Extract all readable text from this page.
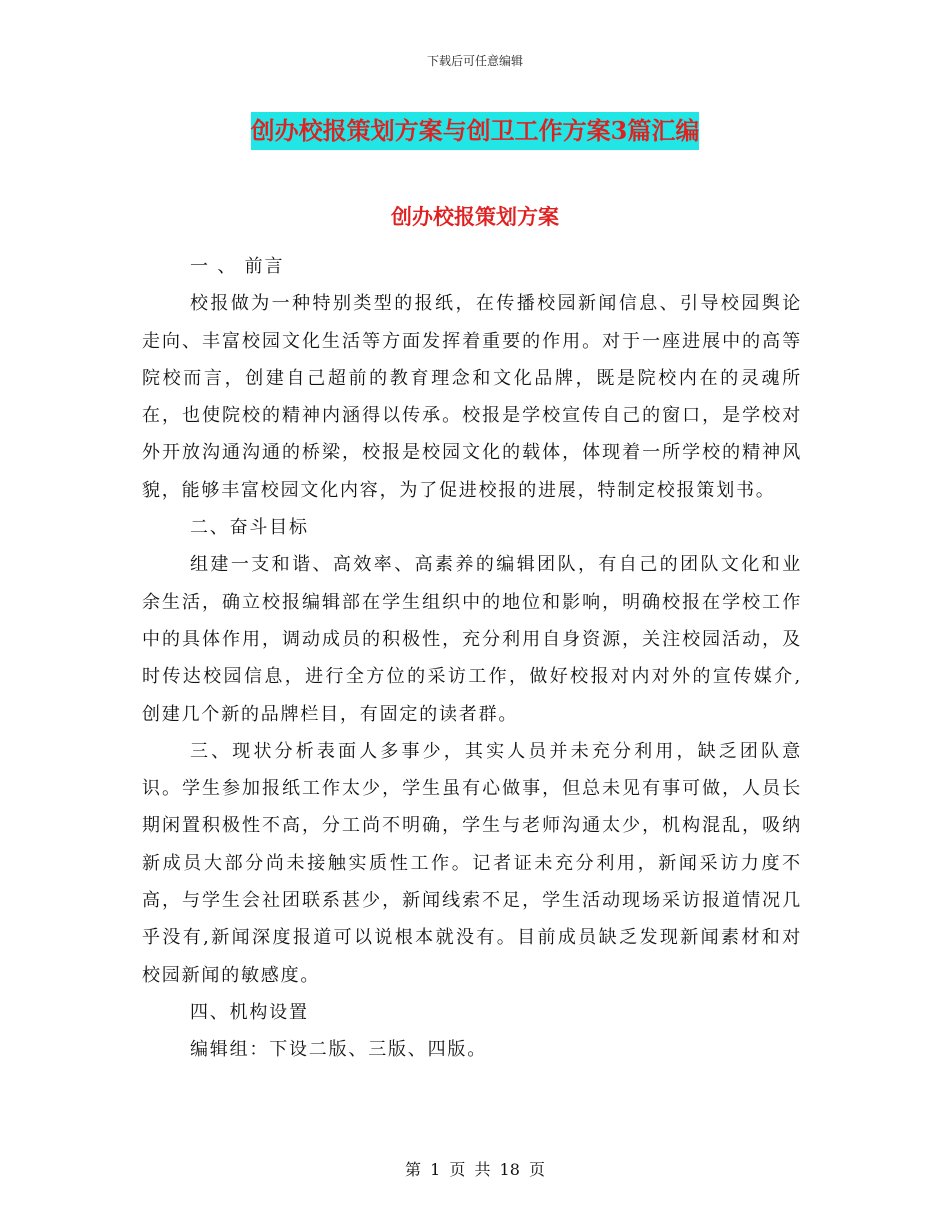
下载后可任意编辑
创办校报策划方案与创卫工作方案3篇汇编
创办校报策划方案

一 、 前言

校报做为一种特别类型的报纸，在传播校园新闻信息、引导校园舆论走向、丰富校园文化生活等方面发挥着重要的作用。对于一座进展中的高等院校而言，创建自己超前的教育理念和文化品牌，既是院校内在的灵魂所在，也使院校的精神内涵得以传承。校报是学校宣传自己的窗口，是学校对外开放沟通沟通的桥梁，校报是校园文化的载体，体现着一所学校的精神风貌，能够丰富校园文化内容，为了促进校报的进展，特制定校报策划书。

二、奋斗目标

组建一支和谐、高效率、高素养的编辑团队，有自己的团队文化和业余生活，确立校报编辑部在学生组织中的地位和影响，明确校报在学校工作中的具体作用，调动成员的积极性，充分利用自身资源，关注校园活动，及时传达校园信息，进行全方位的采访工作，做好校报对内对外的宣传媒介,创建几个新的品牌栏目，有固定的读者群。

三、现状分析表面人多事少，其实人员并未充分利用，缺乏团队意识。学生参加报纸工作太少，学生虽有心做事，但总未见有事可做，人员长期闲置积极性不高，分工尚不明确，学生与老师沟通太少，机构混乱，吸纳新成员大部分尚未接触实质性工作。记者证未充分利用，新闻采访力度不高，与学生会社团联系甚少，新闻线索不足，学生活动现场采访报道情况几乎没有,新闻深度报道可以说根本就没有。目前成员缺乏发现新闻素材和对校园新闻的敏感度。

四、机构设置

编辑组：下设二版、三版、四版。

第 1 页 共 18 页
